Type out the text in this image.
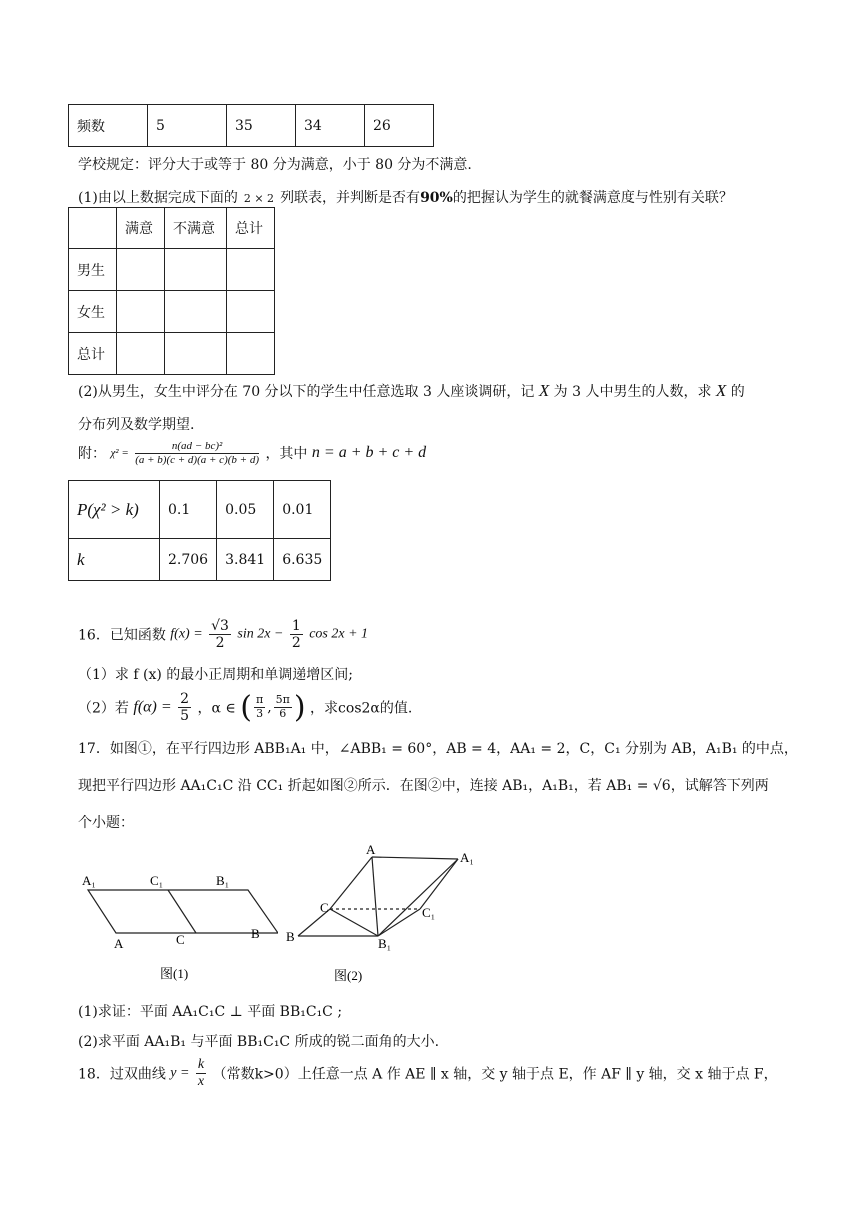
频数	5	35	34	26
学校规定：评分大于或等于 80 分为满意，小于 80 分为不满意.
(1)由以上数据完成下面的 2 × 2 列联表，并判断是否有90%的把握认为学生的就餐满意度与性别有关联？
	满意	不满意	总计
男生			
女生			
总计			
(2)从男生，女生中评分在 70 分以下的学生中任意选取 3 人座谈调研，记 X 为 3 人中男生的人数，求 X 的
分布列及数学期望.
附： $\chi^2 = \frac{\text{n(ad − bc)²}}{(a + b)(c + d)(a + c)(b + d)}$ ，其中 n = a + b + c + d
P(χ² > k)	0.1	0.05	0.01
k	2.706	3.841	6.635
16．已知函数 $f(x) = \frac{√3}{2}$ $\sin 2x - \frac{1}{2}$ cos 2x + 1
（1）求 f (x) 的最小正周期和单调递增区间;
（2）若 $f(\alpha) = \frac{2}{5}$ ，α ∈ ( $\frac{\pi}{3}$ , $\frac{5\pi}{6}$ ) ，求cos2α的值.
17．如图①，在平行四边形 ABB₁A₁ 中，∠ABB₁ = 60°，AB = 4，AA₁ = 2，C，C₁ 分别为 AB，A₁B₁ 的中点，
现把平行四边形 AA₁C₁C 沿 CC₁ 折起如图②所示．在图②中，连接 AB₁，A₁B₁，若 AB₁ = √6，试解答下列两
个小题：
A₁	C₁	B₁
A	C	B
图(1)
A
A₁
C	C₁
B	B₁
图(2)
(1)求证：平面 AA₁C₁C ⊥ 平面 BB₁C₁C ;
(2)求平面 AA₁B₁ 与平面 BB₁C₁C 所成的锐二面角的大小.
18．过双曲线 $y = \frac{k}{x}$ （常数k>0）上任意一点 A 作 AE ∥ x 轴，交 y 轴于点 E，作 AF ∥ y 轴，交 x 轴于点 F，
